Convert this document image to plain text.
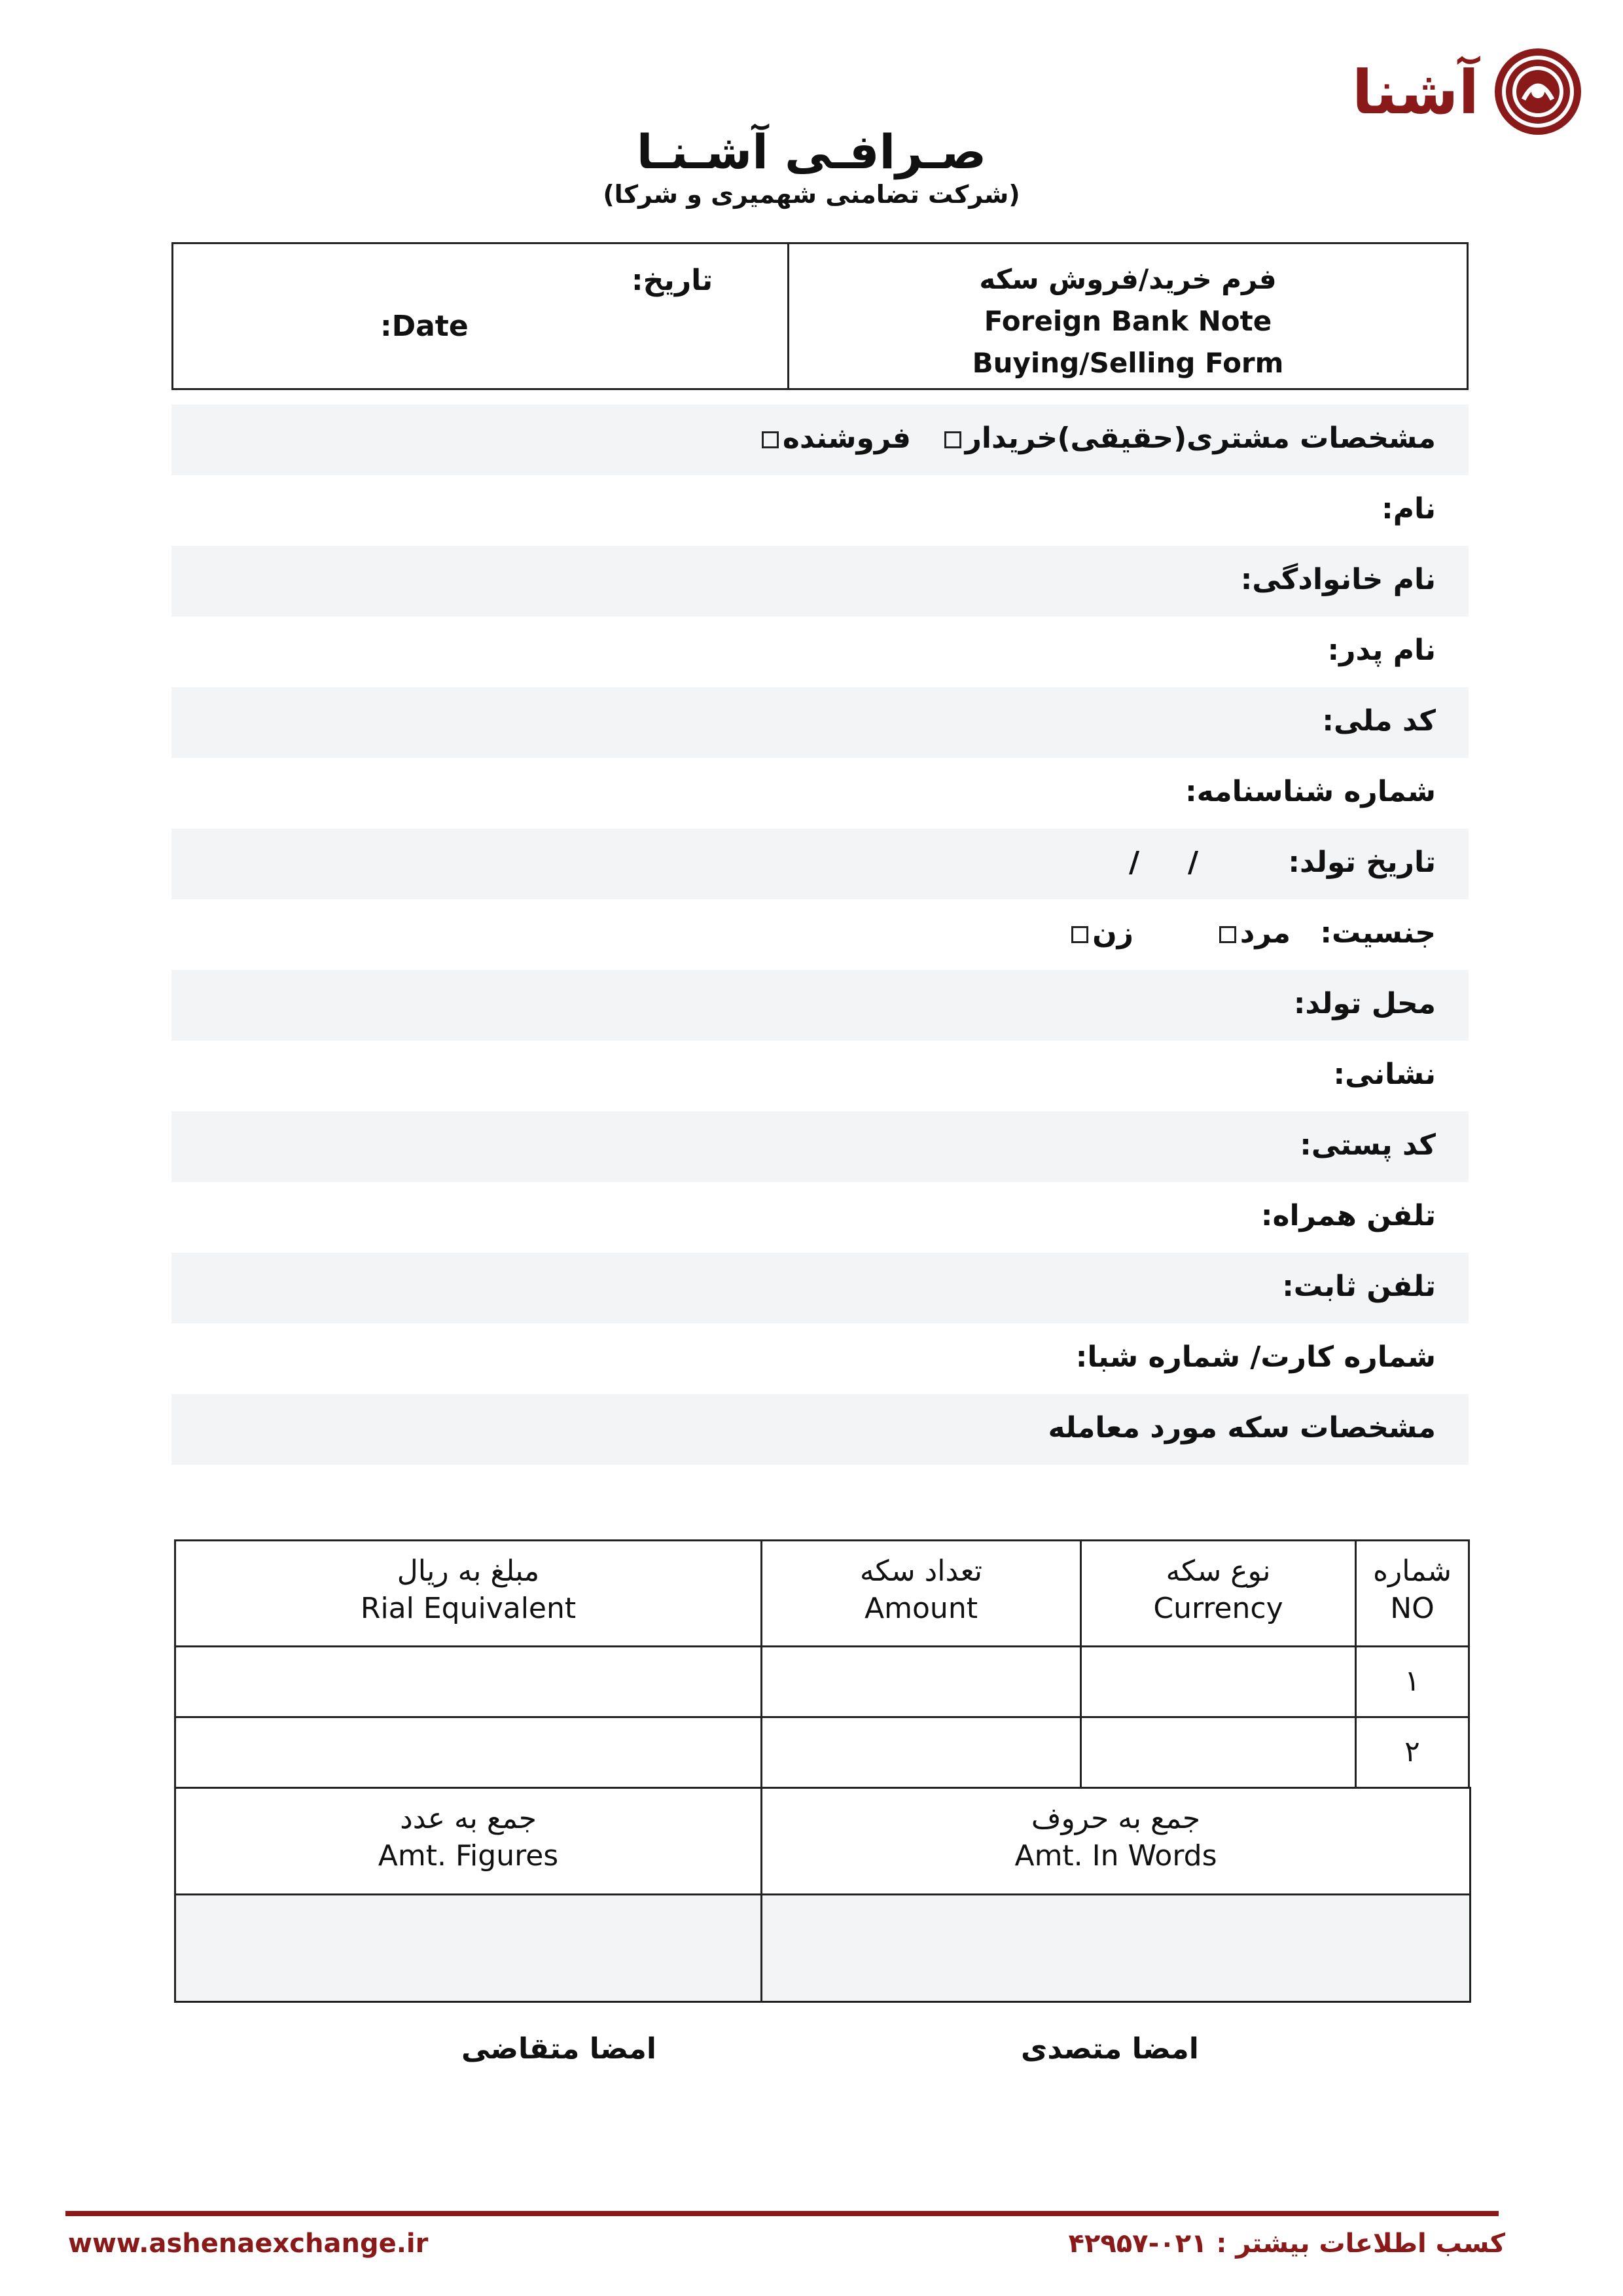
آشنا
صـرافـی آشـنـا
(شرکت تضامنی شهمیری و شرکا)
فرم خرید/فروش سکه
Foreign Bank Note
Buying/Selling Form
تاریخ:
:Date
مشخصات مشتری(حقیقی)
خریدار
فروشنده
نام:
نام خانوادگی:
نام پدر:
کد ملی:
شماره شناسنامه:
تاریخ تولد:
/
/
جنسیت:
مرد
زن
محل تولد:
نشانی:
کد پستی:
تلفن همراه:
تلفن ثابت:
شماره کارت/ شماره شبا:
مشخصات سکه مورد معامله
شماره
NO
نوع سکه
Currency
تعداد سکه
Amount
مبلغ به ریال
Rial Equivalent
۱
۲
جمع به حروف
Amt. In Words
جمع به عدد
Amt. Figures
امضا متصدی
امضا متقاضی
www.ashenaexchange.ir	کسب اطلاعات بیشتر : ۰۲۱-۴۲۹۵۷
